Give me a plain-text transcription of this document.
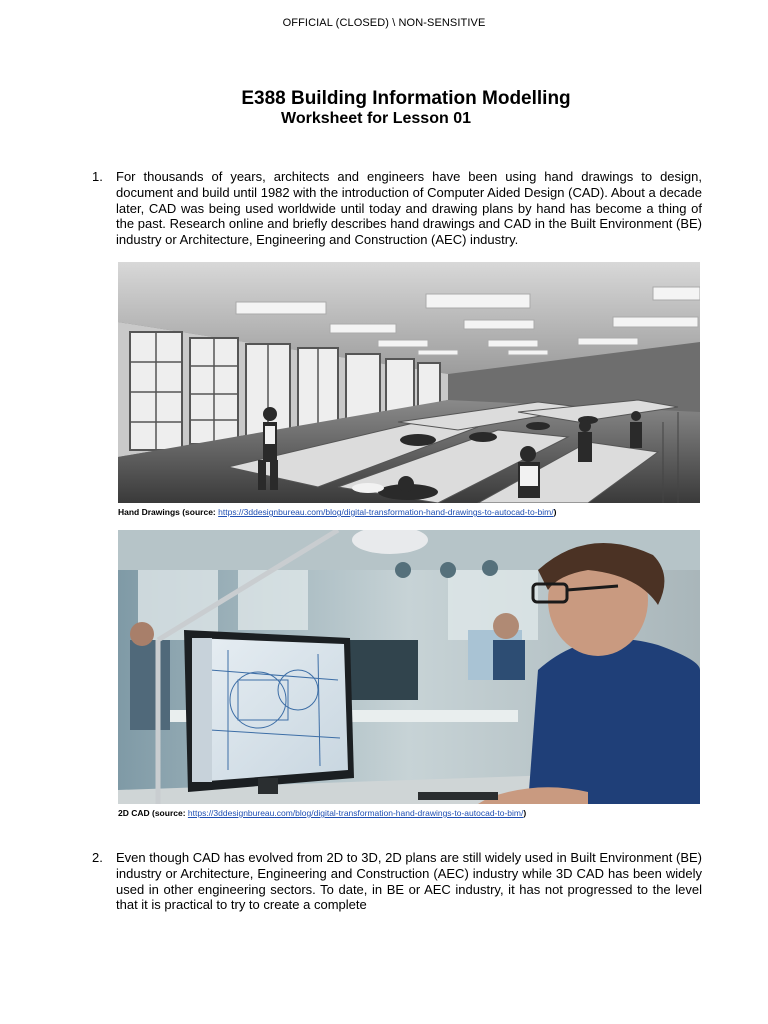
OFFICIAL (CLOSED) \ NON-SENSITIVE
E388 Building Information Modelling
Worksheet for Lesson 01
1. For thousands of years, architects and engineers have been using hand drawings to design, document and build until 1982 with the introduction of Computer Aided Design (CAD). About a decade later, CAD was being used worldwide until today and drawing plans by hand has become a thing of the past. Research online and briefly describes hand drawings and CAD in the Built Environment (BE) industry or Architecture, Engineering and Construction (AEC) industry.
Hand Drawings (source: https://3ddesignbureau.com/blog/digital-transformation-hand-drawings-to-autocad-to-bim/)
2D CAD (source: https://3ddesignbureau.com/blog/digital-transformation-hand-drawings-to-autocad-to-bim/)
2. Even though CAD has evolved from 2D to 3D, 2D plans are still widely used in Built Environment (BE) industry or Architecture, Engineering and Construction (AEC) industry while 3D CAD has been widely used in other engineering sectors. To date, in BE or AEC industry, it has not progressed to the level that it is practical to try to create a complete
